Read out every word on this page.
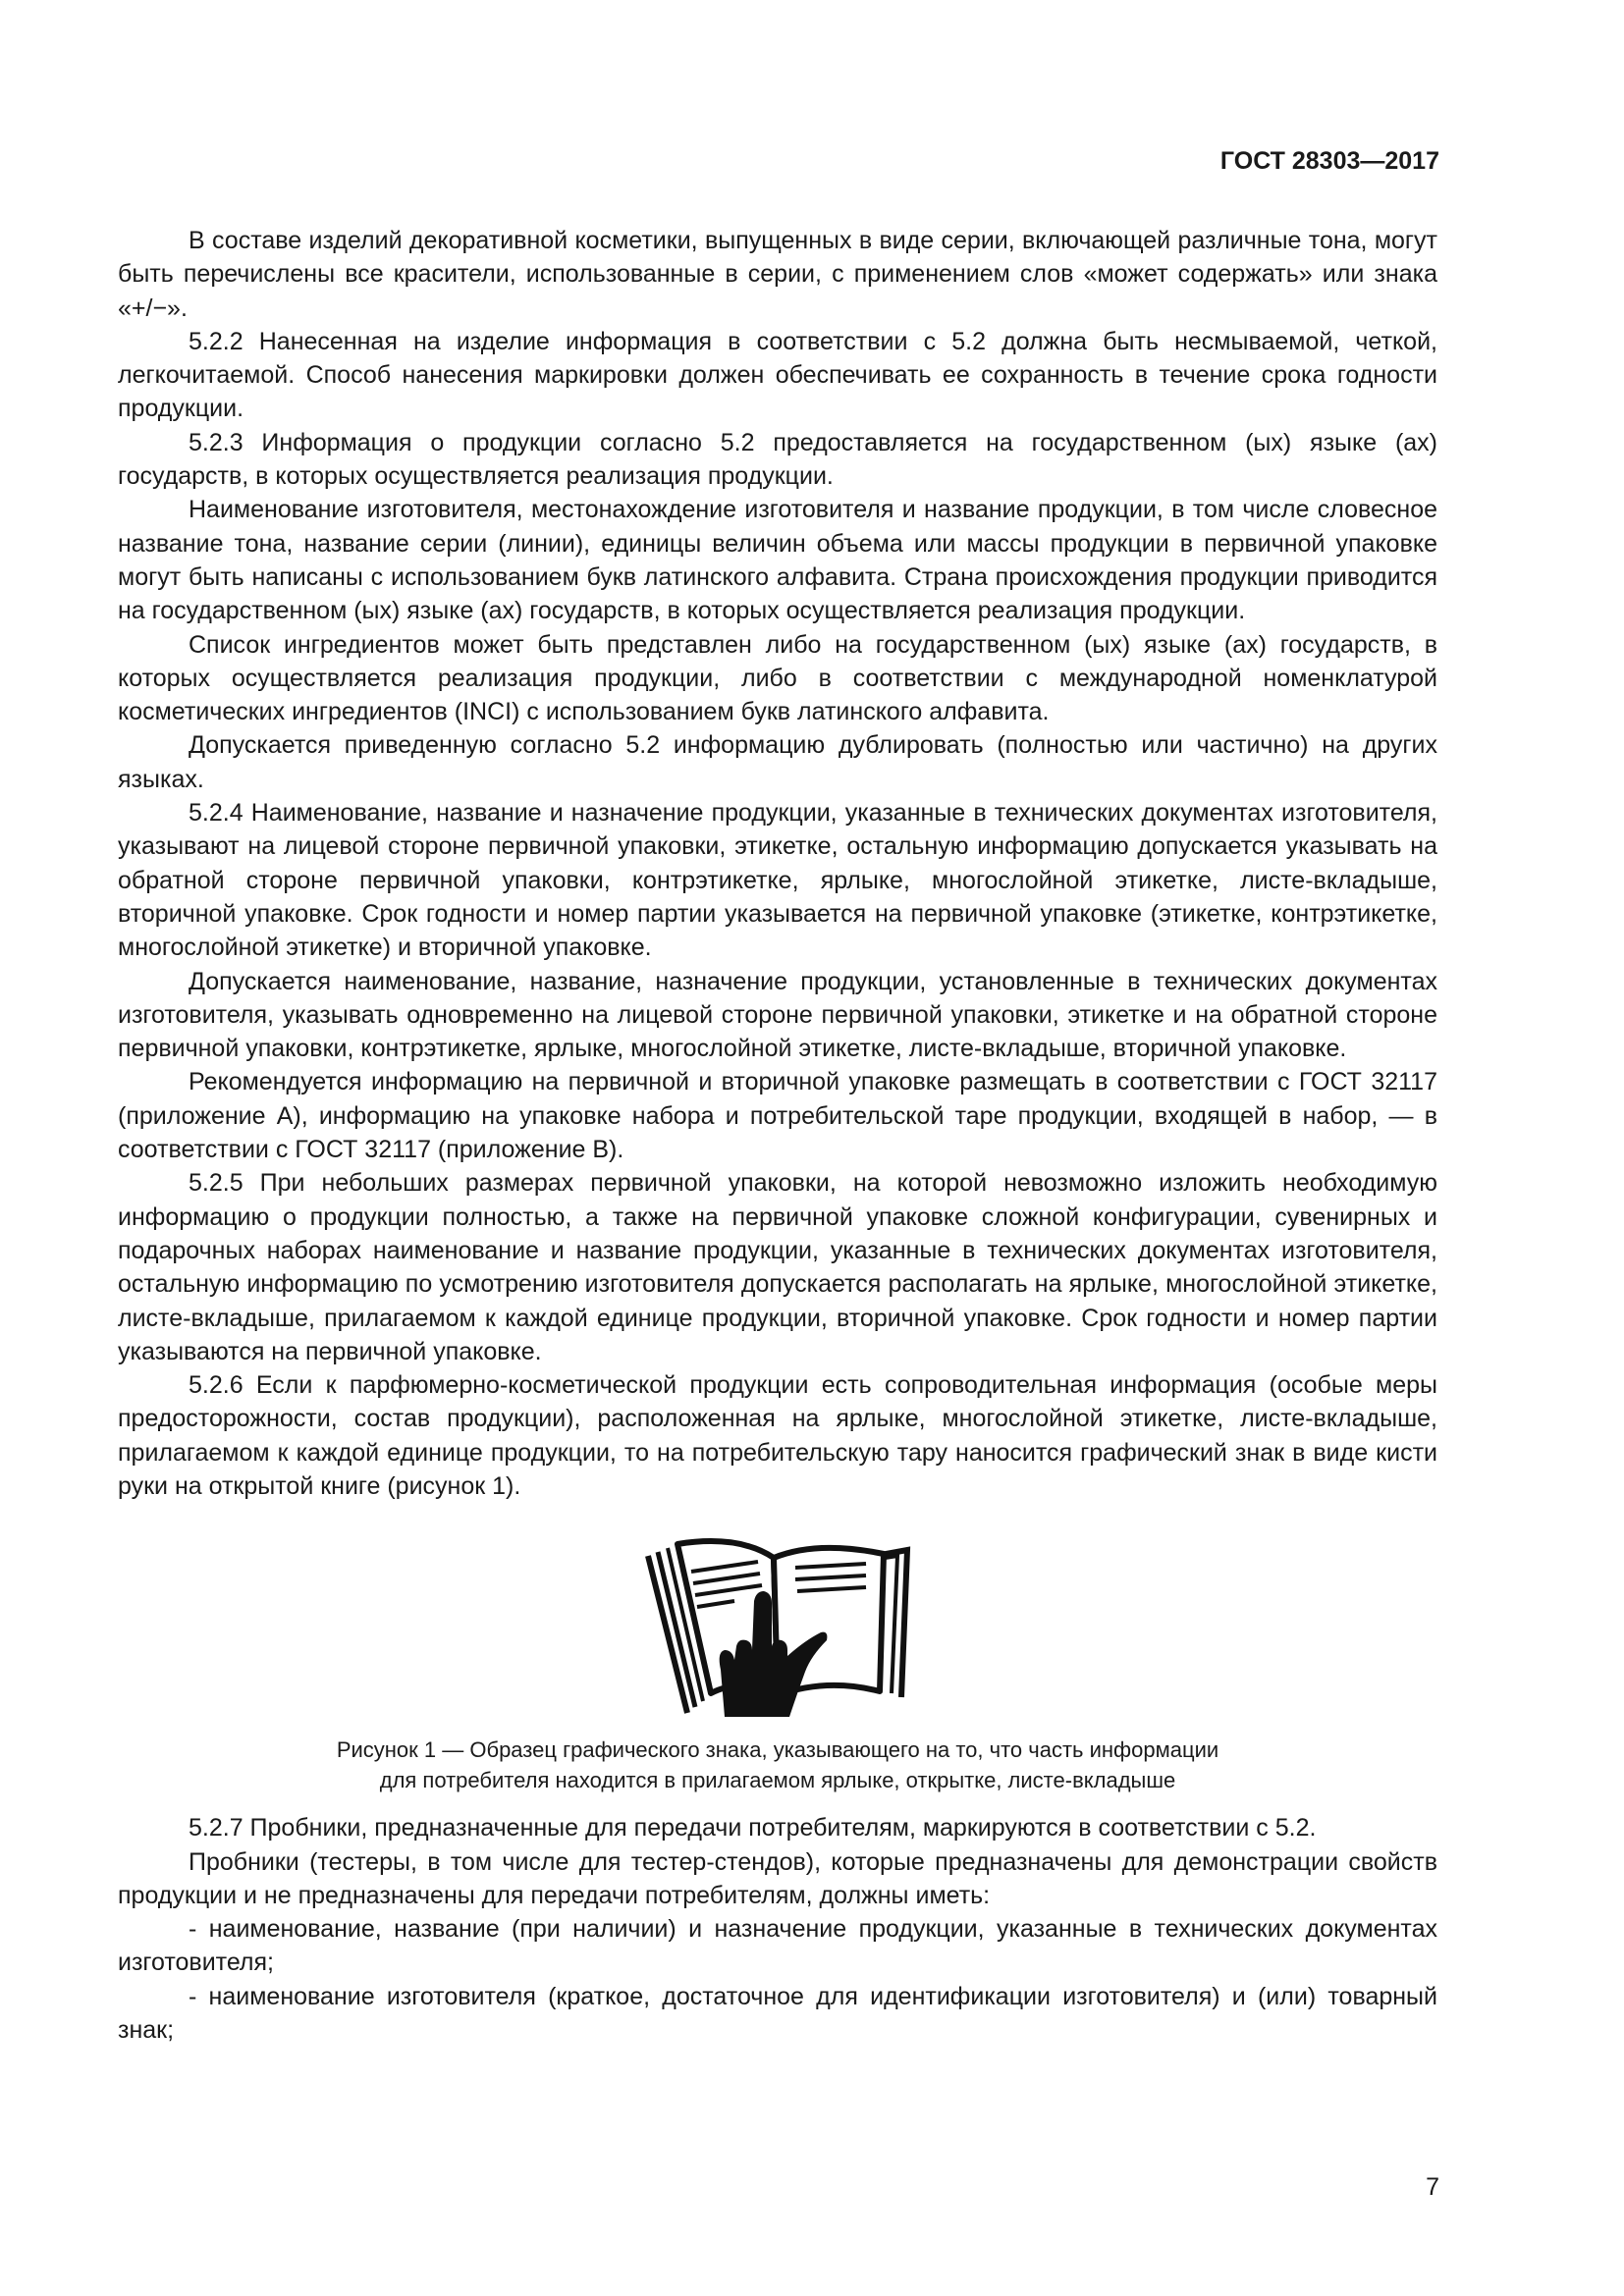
ГОСТ 28303—2017

В составе изделий декоративной косметики, выпущенных в виде серии, включающей различные тона, могут быть перечислены все красители, использованные в серии, с применением слов «может содержать» или знака «+/−».

5.2.2 Нанесенная на изделие информация в соответствии с 5.2 должна быть несмываемой, четкой, легкочитаемой. Способ нанесения маркировки должен обеспечивать ее сохранность в течение срока годности продукции.

5.2.3 Информация о продукции согласно 5.2 предоставляется на государственном (ых) языке (ах) государств, в которых осуществляется реализация продукции.

Наименование изготовителя, местонахождение изготовителя и название продукции, в том числе словесное название тона, название серии (линии), единицы величин объема или массы продукции в первичной упаковке могут быть написаны с использованием букв латинского алфавита. Страна происхождения продукции приводится на государственном (ых) языке (ах) государств, в которых осуществляется реализация продукции.

Список ингредиентов может быть представлен либо на государственном (ых) языке (ах) государств, в которых осуществляется реализация продукции, либо в соответствии с международной номенклатурой косметических ингредиентов (INCI) с использованием букв латинского алфавита.

Допускается приведенную согласно 5.2 информацию дублировать (полностью или частично) на других языках.

5.2.4 Наименование, название и назначение продукции, указанные в технических документах изготовителя, указывают на лицевой стороне первичной упаковки, этикетке, остальную информацию допускается указывать на обратной стороне первичной упаковки, контрэтикетке, ярлыке, многослойной этикетке, листе-вкладыше, вторичной упаковке. Срок годности и номер партии указывается на первичной упаковке (этикетке, контрэтикетке, многослойной этикетке) и вторичной упаковке.

Допускается наименование, название, назначение продукции, установленные в технических документах изготовителя, указывать одновременно на лицевой стороне первичной упаковки, этикетке и на обратной стороне первичной упаковки, контрэтикетке, ярлыке, многослойной этикетке, листе-вкладыше, вторичной упаковке.

Рекомендуется информацию на первичной и вторичной упаковке размещать в соответствии с ГОСТ 32117 (приложение А), информацию на упаковке набора и потребительской таре продукции, входящей в набор, — в соответствии с ГОСТ 32117 (приложение В).

5.2.5 При небольших размерах первичной упаковки, на которой невозможно изложить необходимую информацию о продукции полностью, а также на первичной упаковке сложной конфигурации, сувенирных и подарочных наборах наименование и название продукции, указанные в технических документах изготовителя, остальную информацию по усмотрению изготовителя допускается располагать на ярлыке, многослойной этикетке, листе-вкладыше, прилагаемом к каждой единице продукции, вторичной упаковке. Срок годности и номер партии указываются на первичной упаковке.

5.2.6 Если к парфюмерно-косметической продукции есть сопроводительная информация (особые меры предосторожности, состав продукции), расположенная на ярлыке, многослойной этикетке, листе-вкладыше, прилагаемом к каждой единице продукции, то на потребительскую тару наносится графический знак в виде кисти руки на открытой книге (рисунок 1).

Рисунок 1 — Образец графического знака, указывающего на то, что часть информации
для потребителя находится в прилагаемом ярлыке, открытке, листе-вкладыше

5.2.7 Пробники, предназначенные для передачи потребителям, маркируются в соответствии с 5.2.

Пробники (тестеры, в том числе для тестер-стендов), которые предназначены для демонстрации свойств продукции и не предназначены для передачи потребителям, должны иметь:

- наименование, название (при наличии) и назначение продукции, указанные в технических документах изготовителя;

- наименование изготовителя (краткое, достаточное для идентификации изготовителя) и (или) товарный знак;

7
